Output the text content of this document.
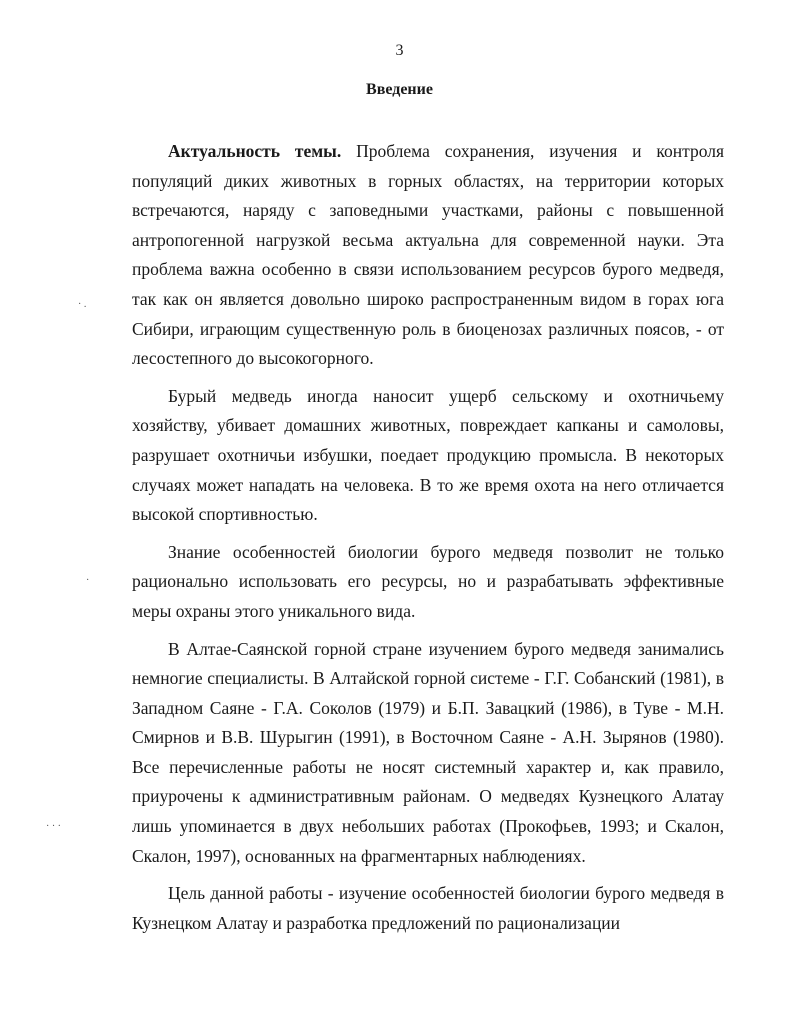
3
Введение

Актуальность темы. Проблема сохранения, изучения и контроля популяций диких животных в горных областях, на территории которых встречаются, наряду с заповедными участками, районы с повышенной антропогенной нагрузкой весьма актуальна для современной науки. Эта проблема важна особенно в связи использованием ресурсов бурого медведя, так как он является довольно широко распространенным видом в горах юга Сибири, играющим существенную роль в биоценозах различных поясов, - от лесостепного до высокогорного.

Бурый медведь иногда наносит ущерб сельскому и охотничьему хозяйству, убивает домашних животных, повреждает капканы и самоловы, разрушает охотничьи избушки, поедает продукцию промысла. В некоторых случаях может нападать на человека. В то же время охота на него отличается высокой спортивностью.

Знание особенностей биологии бурого медведя позволит не только рационально использовать его ресурсы, но и разрабатывать эффективные меры охраны этого уникального вида.

В Алтае-Саянской горной стране изучением бурого медведя занимались немногие специалисты. В Алтайской горной системе - Г.Г. Собанский (1981), в Западном Саяне - Г.А. Соколов (1979) и Б.П. Завацкий (1986), в Туве - М.Н. Смирнов и В.В. Шурыгин (1991), в Восточном Саяне - А.Н. Зырянов (1980). Все перечисленные работы не носят системный характер и, как правило, приурочены к административным районам. О медведях Кузнецкого Алатау лишь упоминается в двух небольших работах (Прокофьев, 1993; и Скалон, Скалон, 1997), основанных на фрагментарных наблюдениях.

Цель данной работы - изучение особенностей биологии бурого медведя в Кузнецком Алатау и разработка предложений по рационализации

· .
·
· · ·
